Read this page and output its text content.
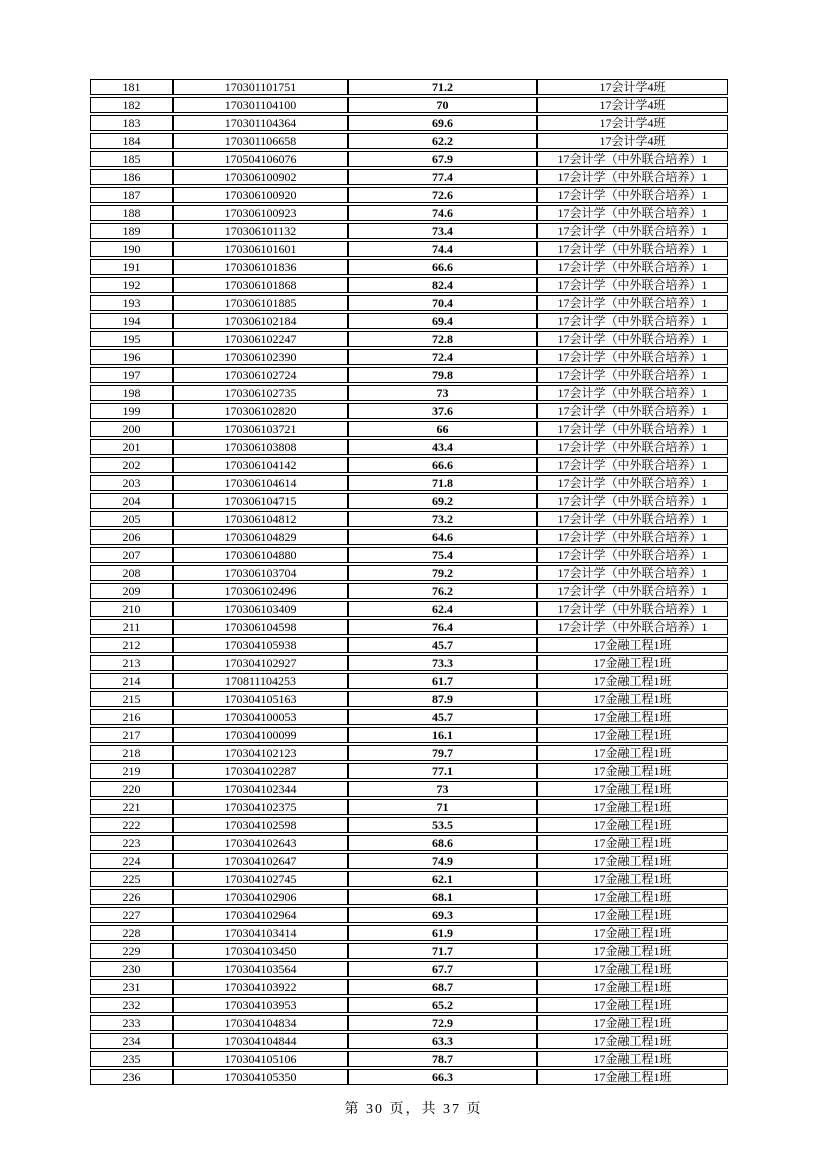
181	170301101751	71.2	17会计学4班
182	170301104100	70	17会计学4班
183	170301104364	69.6	17会计学4班
184	170301106658	62.2	17会计学4班
185	170504106076	67.9	17会计学（中外联合培养）1
186	170306100902	77.4	17会计学（中外联合培养）1
187	170306100920	72.6	17会计学（中外联合培养）1
188	170306100923	74.6	17会计学（中外联合培养）1
189	170306101132	73.4	17会计学（中外联合培养）1
190	170306101601	74.4	17会计学（中外联合培养）1
191	170306101836	66.6	17会计学（中外联合培养）1
192	170306101868	82.4	17会计学（中外联合培养）1
193	170306101885	70.4	17会计学（中外联合培养）1
194	170306102184	69.4	17会计学（中外联合培养）1
195	170306102247	72.8	17会计学（中外联合培养）1
196	170306102390	72.4	17会计学（中外联合培养）1
197	170306102724	79.8	17会计学（中外联合培养）1
198	170306102735	73	17会计学（中外联合培养）1
199	170306102820	37.6	17会计学（中外联合培养）1
200	170306103721	66	17会计学（中外联合培养）1
201	170306103808	43.4	17会计学（中外联合培养）1
202	170306104142	66.6	17会计学（中外联合培养）1
203	170306104614	71.8	17会计学（中外联合培养）1
204	170306104715	69.2	17会计学（中外联合培养）1
205	170306104812	73.2	17会计学（中外联合培养）1
206	170306104829	64.6	17会计学（中外联合培养）1
207	170306104880	75.4	17会计学（中外联合培养）1
208	170306103704	79.2	17会计学（中外联合培养）1
209	170306102496	76.2	17会计学（中外联合培养）1
210	170306103409	62.4	17会计学（中外联合培养）1
211	170306104598	76.4	17会计学（中外联合培养）1
212	170304105938	45.7	17金融工程1班
213	170304102927	73.3	17金融工程1班
214	170811104253	61.7	17金融工程1班
215	170304105163	87.9	17金融工程1班
216	170304100053	45.7	17金融工程1班
217	170304100099	16.1	17金融工程1班
218	170304102123	79.7	17金融工程1班
219	170304102287	77.1	17金融工程1班
220	170304102344	73	17金融工程1班
221	170304102375	71	17金融工程1班
222	170304102598	53.5	17金融工程1班
223	170304102643	68.6	17金融工程1班
224	170304102647	74.9	17金融工程1班
225	170304102745	62.1	17金融工程1班
226	170304102906	68.1	17金融工程1班
227	170304102964	69.3	17金融工程1班
228	170304103414	61.9	17金融工程1班
229	170304103450	71.7	17金融工程1班
230	170304103564	67.7	17金融工程1班
231	170304103922	68.7	17金融工程1班
232	170304103953	65.2	17金融工程1班
233	170304104834	72.9	17金融工程1班
234	170304104844	63.3	17金融工程1班
235	170304105106	78.7	17金融工程1班
236	170304105350	66.3	17金融工程1班
第 30 页，共 37 页
